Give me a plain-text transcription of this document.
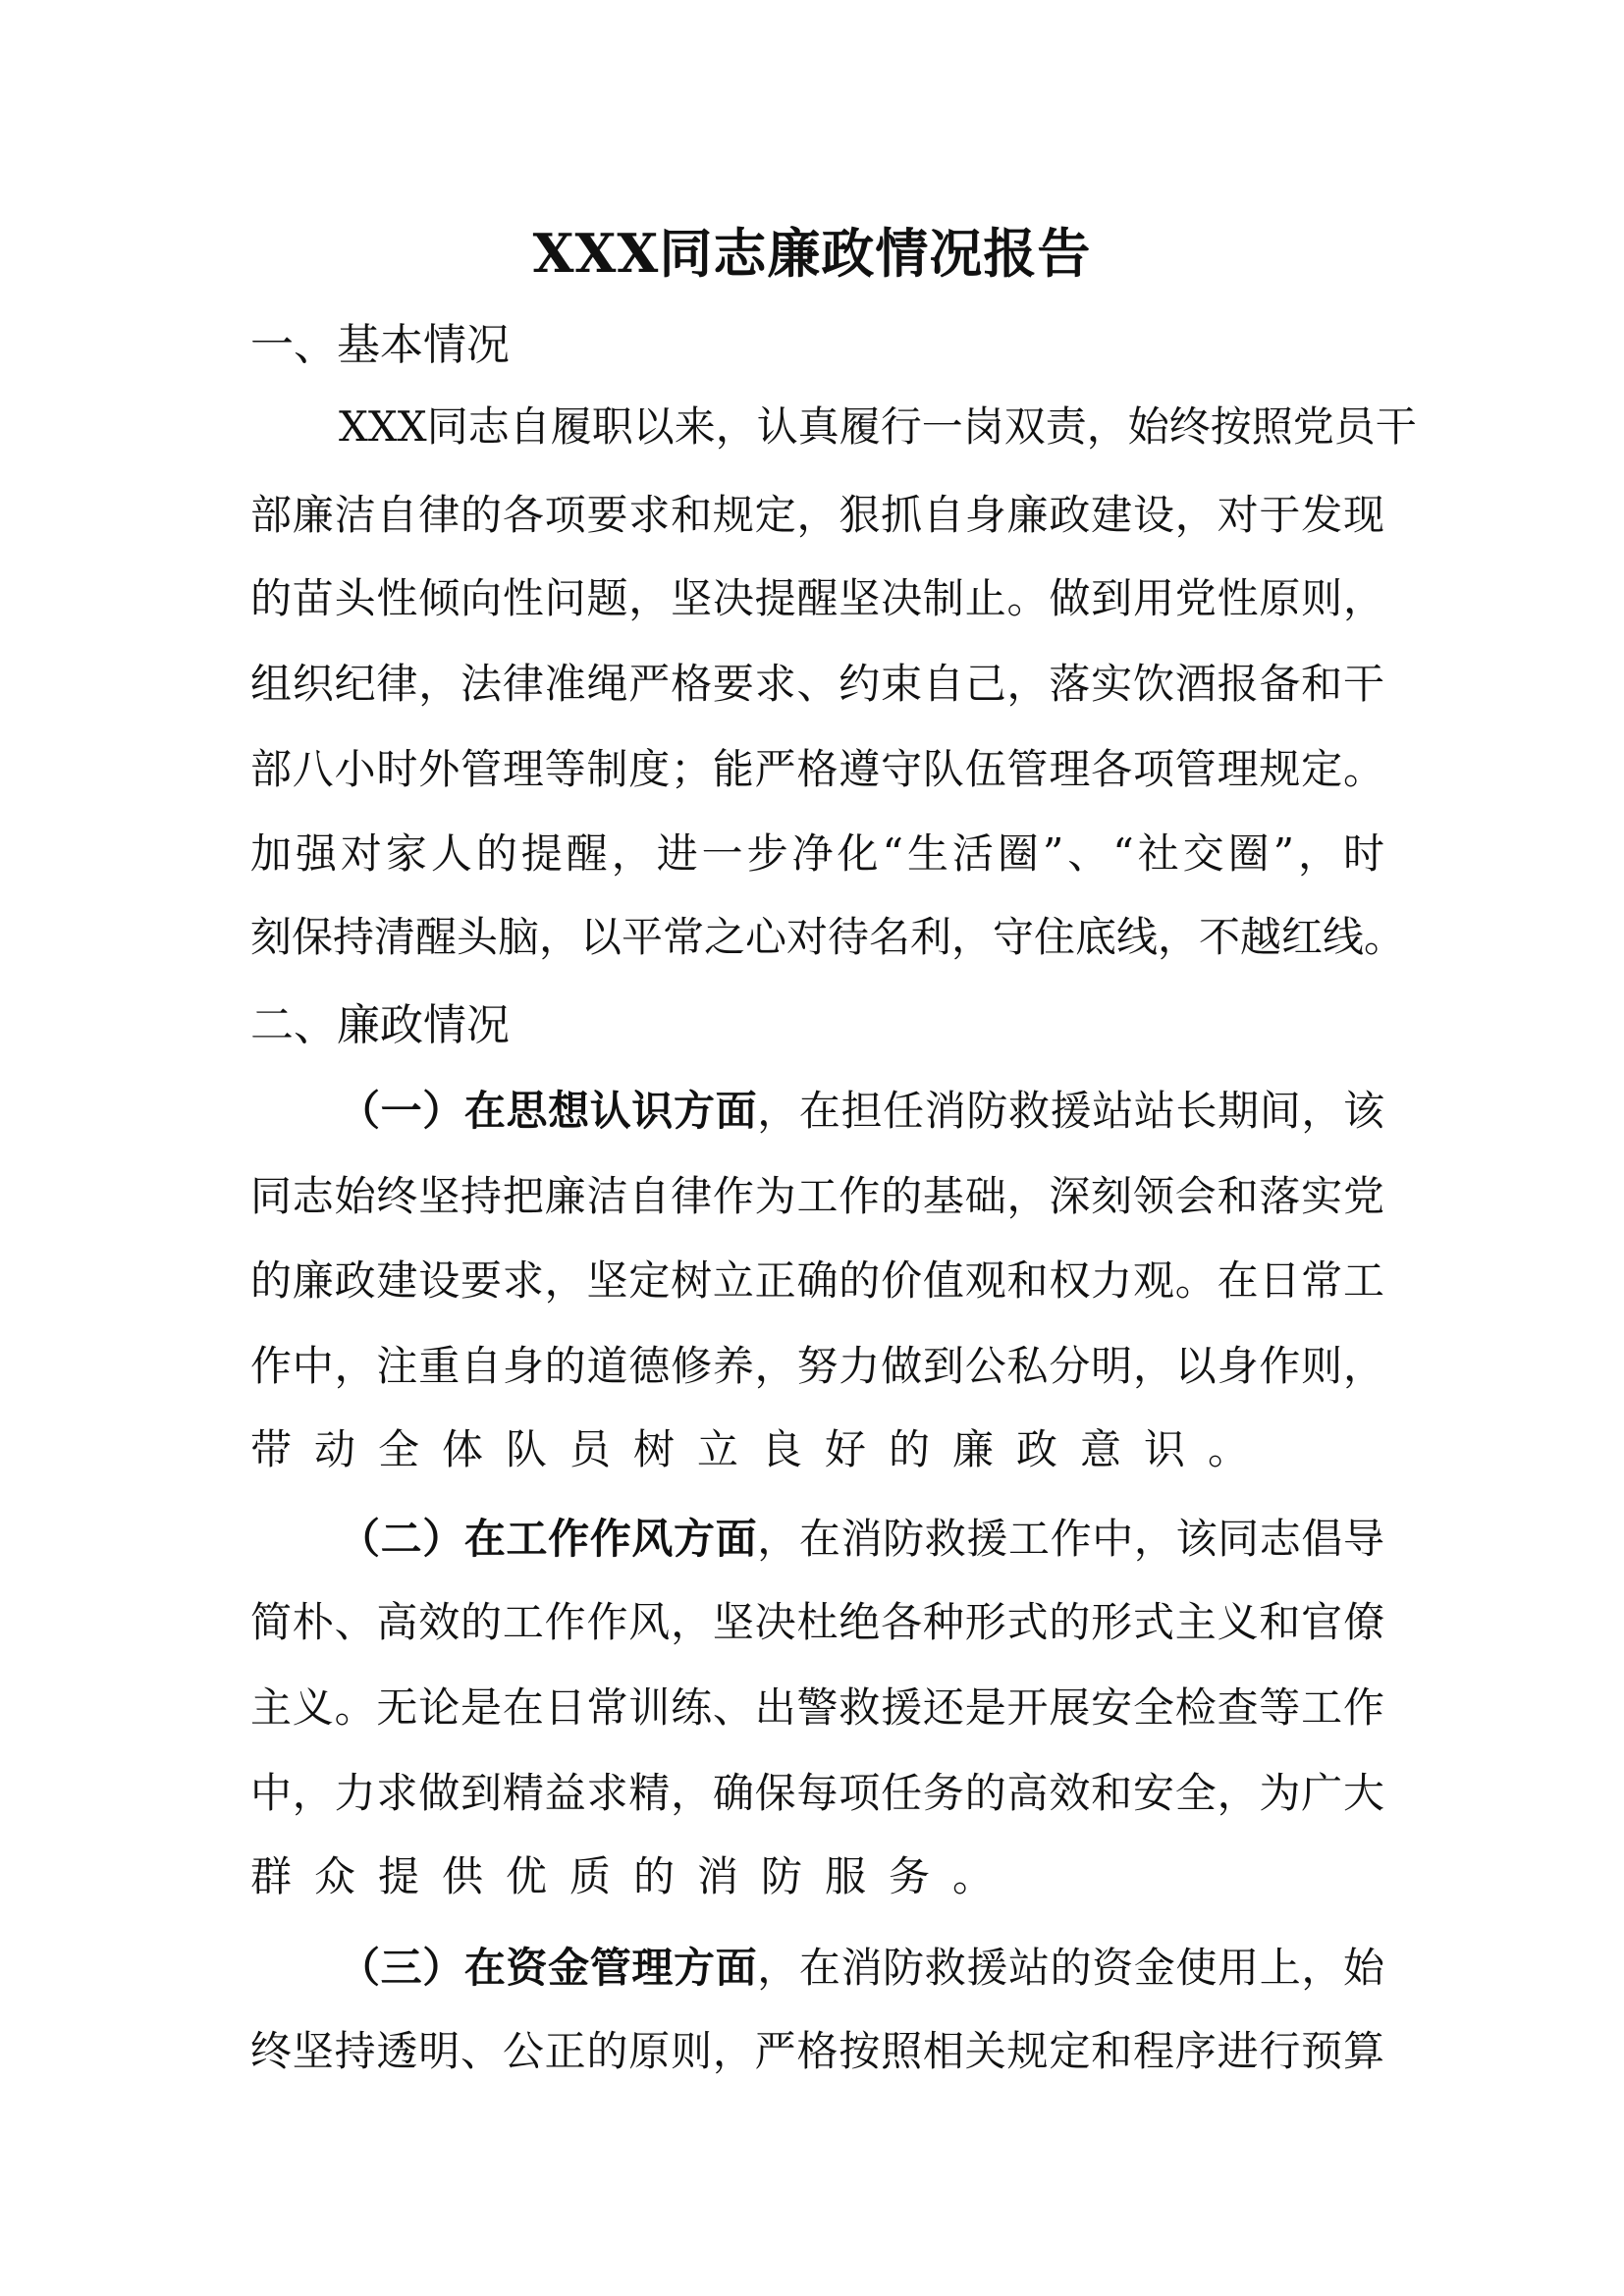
XXX同志廉政情况报告
一、基本情况
XXX同志自履职以来，认真履行一岗双责，始终按照党员干
部廉洁自律的各项要求和规定，狠抓自身廉政建设，对于发现
的苗头性倾向性问题，坚决提醒坚决制止。做到用党性原则，
组织纪律，法律准绳严格要求、约束自己，落实饮酒报备和干
部八小时外管理等制度；能严格遵守队伍管理各项管理规定。
加强对家人的提醒，进一步净化“生活圈”、“社交圈”，时
刻保持清醒头脑，以平常之心对待名利，守住底线，不越红线。
二、廉政情况
（一）在思想认识方面，在担任消防救援站站长期间，该
同志始终坚持把廉洁自律作为工作的基础，深刻领会和落实党
的廉政建设要求，坚定树立正确的价值观和权力观。在日常工
作中，注重自身的道德修养，努力做到公私分明，以身作则，
带动全体队员树立良好的廉政意识。
（二）在工作作风方面，在消防救援工作中，该同志倡导
简朴、高效的工作作风，坚决杜绝各种形式的形式主义和官僚
主义。无论是在日常训练、出警救援还是开展安全检查等工作
中，力求做到精益求精，确保每项任务的高效和安全，为广大
群众提供优质的消防服务。
（三）在资金管理方面，在消防救援站的资金使用上，始
终坚持透明、公正的原则，严格按照相关规定和程序进行预算
